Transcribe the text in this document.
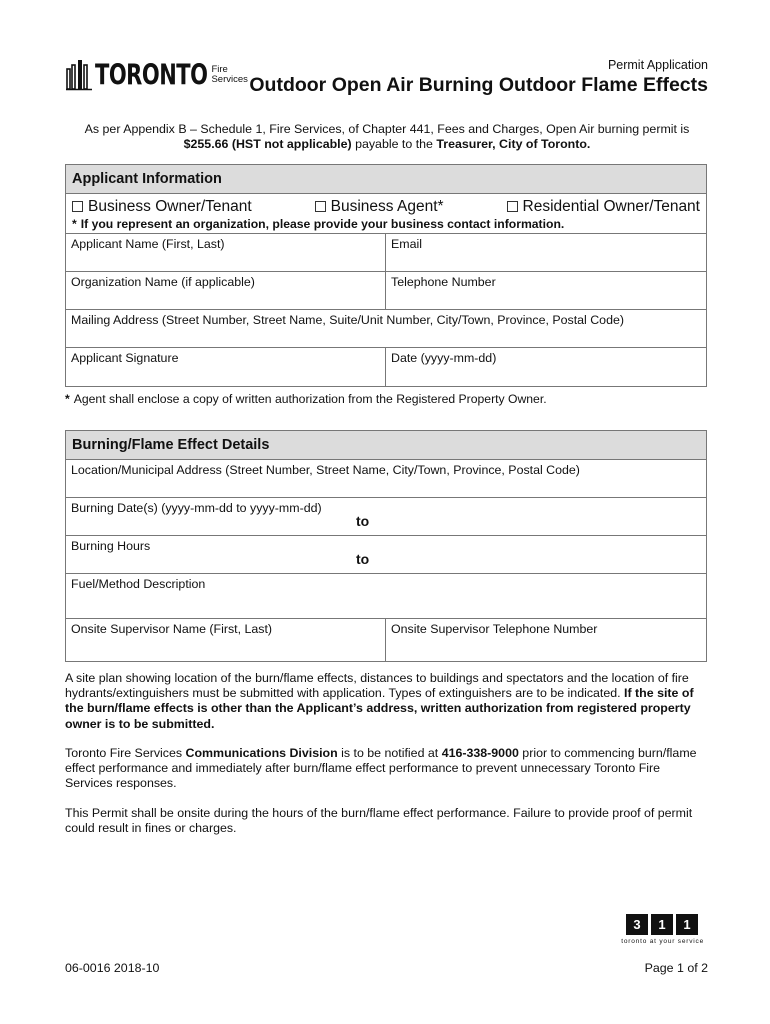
TORONTO Fire
Services
Permit Application
Outdoor Open Air Burning Outdoor Flame Effects
As per Appendix B – Schedule 1, Fire Services, of Chapter 441, Fees and Charges, Open Air burning permit is
$255.66 (HST not applicable) payable to the Treasurer, City of Toronto.
Applicant Information
Business Owner/Tenant	Business Agent*	Residential Owner/Tenant
* If you represent an organization, please provide your business contact information.
Applicant Name (First, Last)	Email
Organization Name (if applicable)	Telephone Number
Mailing Address (Street Number, Street Name, Suite/Unit Number, City/Town, Province, Postal Code)
Applicant Signature	Date (yyyy-mm-dd)
* Agent shall enclose a copy of written authorization from the Registered Property Owner.
Burning/Flame Effect Details
Location/Municipal Address (Street Number, Street Name, City/Town, Province, Postal Code)
Burning Date(s) (yyyy-mm-dd to yyyy-mm-dd)
to
Burning Hours
to
Fuel/Method Description
Onsite Supervisor Name (First, Last)	Onsite Supervisor Telephone Number
A site plan showing location of the burn/flame effects, distances to buildings and spectators and the location of fire hydrants/extinguishers must be submitted with application. Types of extinguishers are to be indicated. If the site of the burn/flame effects is other than the Applicant’s address, written authorization from registered property owner is to be submitted.
Toronto Fire Services Communications Division is to be notified at 416-338-9000 prior to commencing burn/flame effect performance and immediately after burn/flame effect performance to prevent unnecessary Toronto Fire Services responses.
This Permit shall be onsite during the hours of the burn/flame effect performance. Failure to provide proof of permit could result in fines or charges.
3	1	1
toronto at your service
06-0016 2018-10	Page 1 of 2
